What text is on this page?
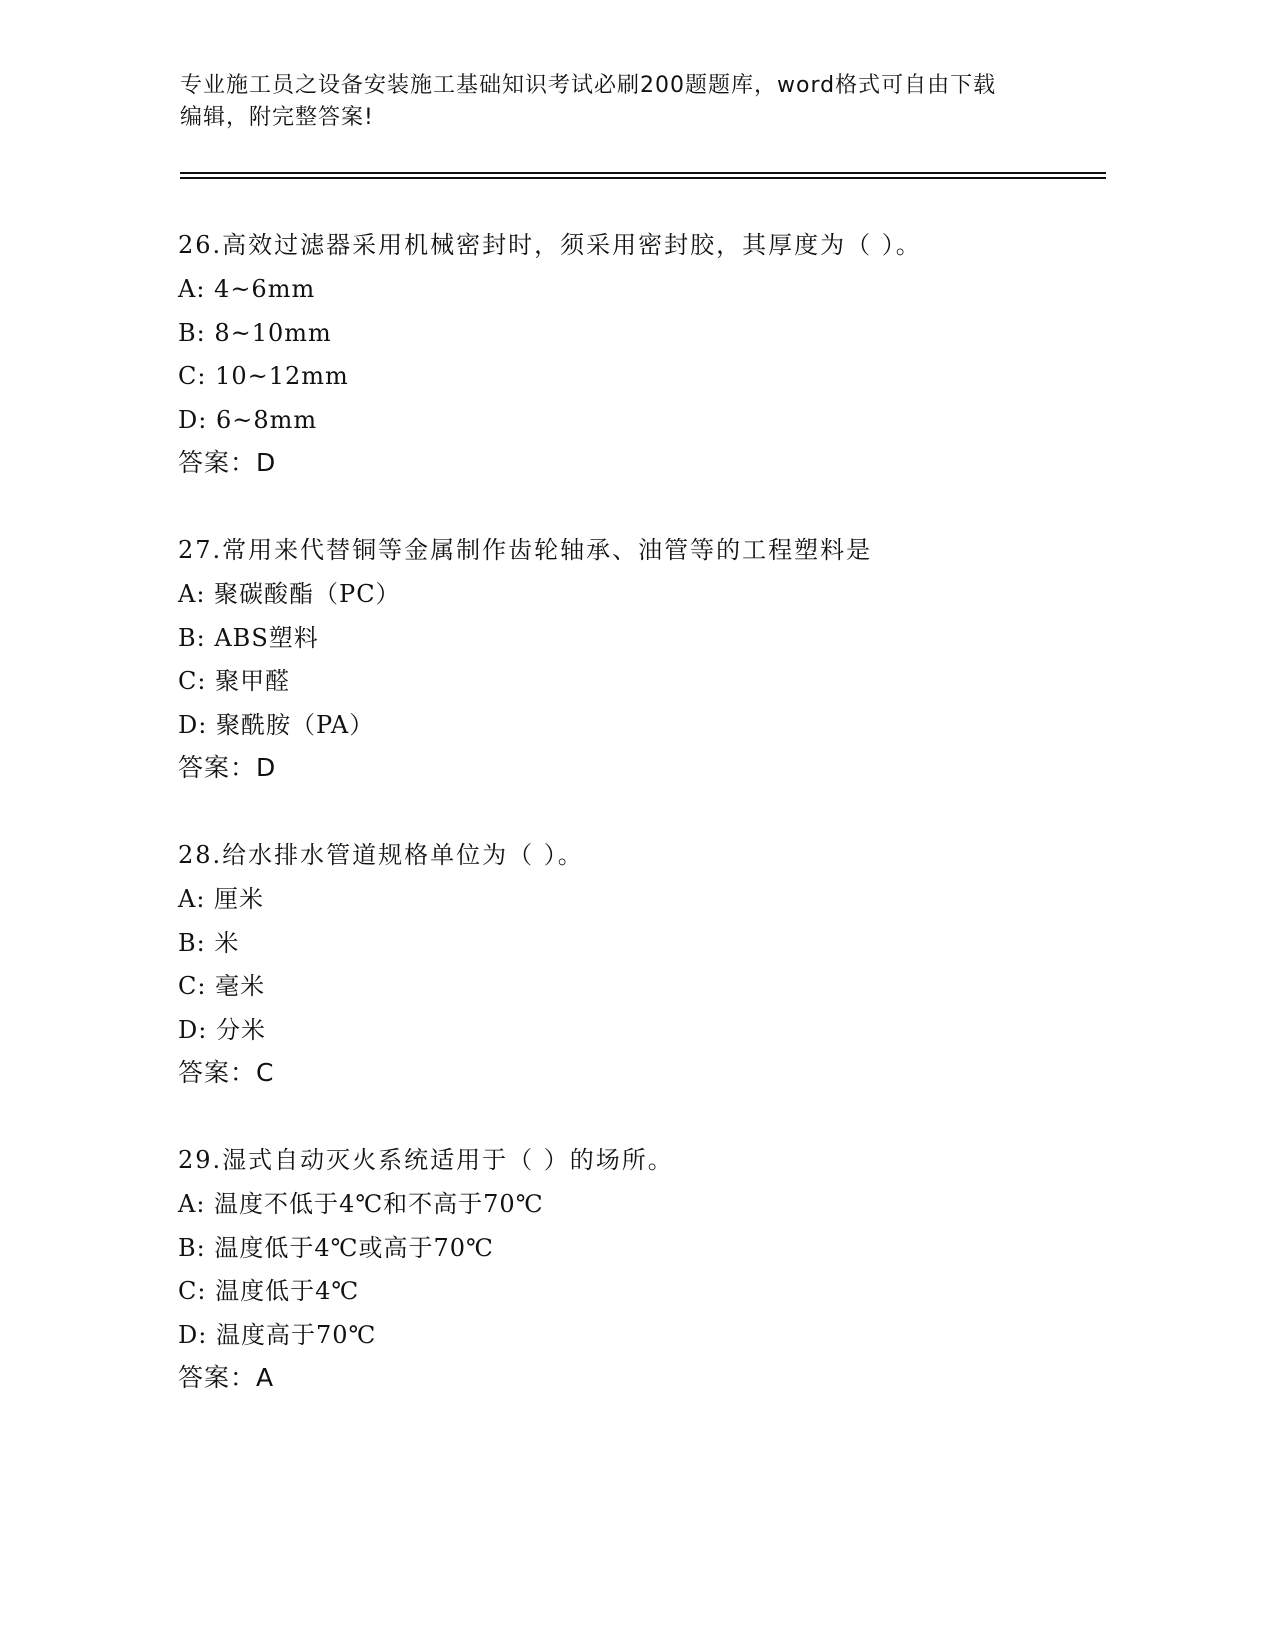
专业施工员之设备安装施工基础知识考试必刷200题题库，word格式可自由下载
编辑，附完整答案!
26.高效过滤器采用机械密封时，须采用密封胶，其厚度为（ ）。
A: 4~6mm
B: 8~10mm
C: 10~12mm
D: 6~8mm
答案：D
27.常用来代替铜等金属制作齿轮轴承、油管等的工程塑料是
A: 聚碳酸酯（PC）
B: ABS塑料
C: 聚甲醛
D: 聚酰胺（PA）
答案：D
28.给水排水管道规格单位为（ ）。
A: 厘米
B: 米
C: 毫米
D: 分米
答案：C
29.湿式自动灭火系统适用于（ ）的场所。
A: 温度不低于4℃和不高于70℃
B: 温度低于4℃或高于70℃
C: 温度低于4℃
D: 温度高于70℃
答案：A
